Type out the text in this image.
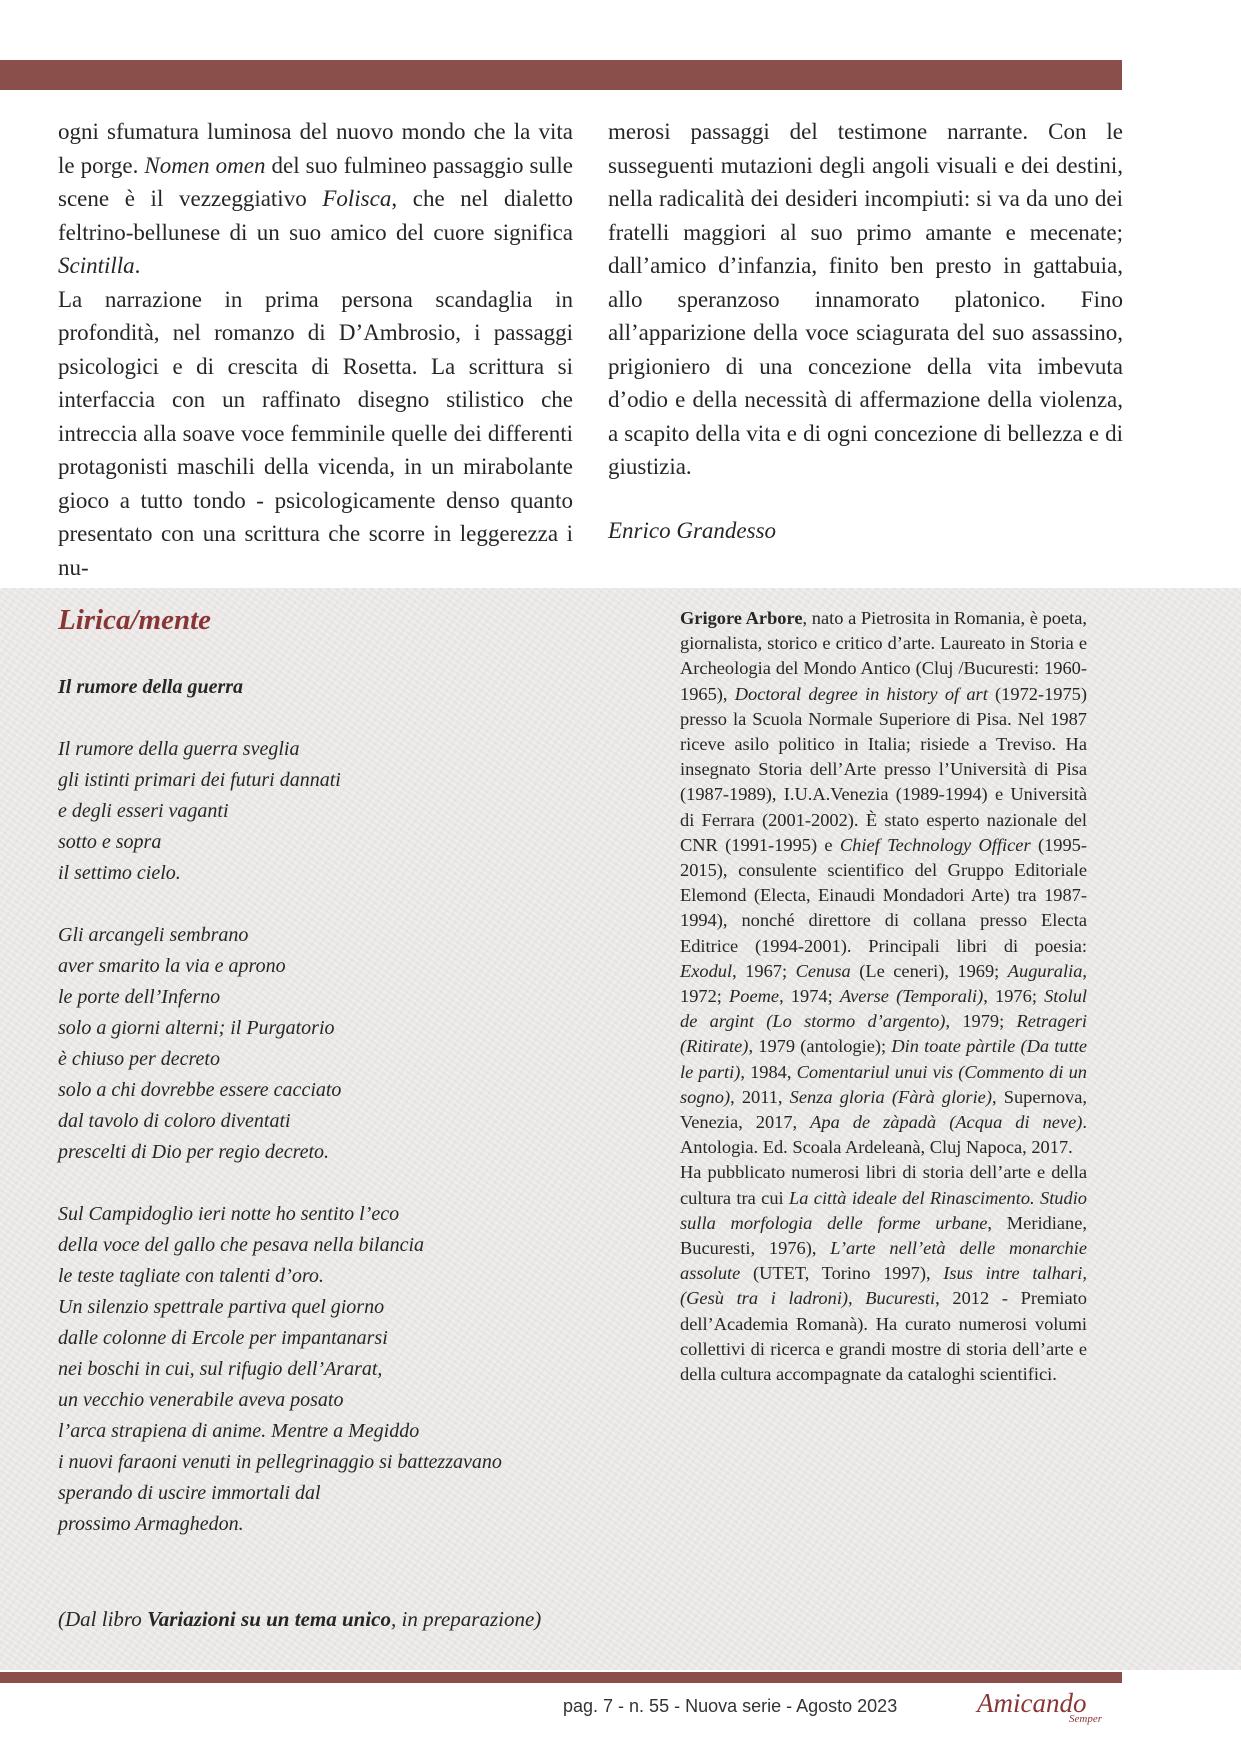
ogni sfumatura luminosa del nuovo mondo che la vita le porge. Nomen omen del suo fulmineo passaggio sulle scene è il vezzeggiativo Folisca, che nel dialetto feltrino-bellunese di un suo amico del cuore significa Scintilla.

La narrazione in prima persona scandaglia in profondità, nel romanzo di D’Ambrosio, i passaggi psicologici e di crescita di Rosetta. La scrittura si interfaccia con un raffinato disegno stilistico che intreccia alla soave voce femminile quelle dei differenti protagonisti maschili della vicenda, in un mirabolante gioco a tutto tondo - psicologicamente denso quanto presentato con una scrittura che scorre in leggerezza i nu-

merosi passaggi del testimone narrante. Con le susseguenti mutazioni degli angoli visuali e dei destini, nella radicalità dei desideri incompiuti: si va da uno dei fratelli maggiori al suo primo amante e mecenate; dall’amico d’infanzia, finito ben presto in gattabuia, allo speranzoso innamorato platonico. Fino all’apparizione della voce sciagurata del suo assassino, prigioniero di una concezione della vita imbevuta d’odio e della necessità di affermazione della violenza, a scapito della vita e di ogni concezione di bellezza e di giustizia.

Enrico Grandesso

Lirica/mente

Il rumore della guerra

Il rumore della guerra sveglia
gli istinti primari dei futuri dannati
e degli esseri vaganti
sotto e sopra
il settimo cielo.
Gli arcangeli sembrano
aver smarito la via e aprono
le porte dell’Inferno
solo a giorni alterni; il Purgatorio
è chiuso per decreto
solo a chi dovrebbe essere cacciato
dal tavolo di coloro diventati
prescelti di Dio per regio decreto.
Sul Campidoglio ieri notte ho sentito l’eco
della voce del gallo che pesava nella bilancia
le teste tagliate con talenti d’oro.
Un silenzio spettrale partiva quel giorno
dalle colonne di Ercole per impantanarsi
nei boschi in cui, sul rifugio dell’Ararat,
un vecchio venerabile aveva posato
l’arca strapiena di anime. Mentre a Megiddo
i nuovi faraoni venuti in pellegrinaggio si battezzavano
sperando di uscire immortali dal
prossimo Armaghedon.
(Dal libro Variazioni su un tema unico, in preparazione)

Grigore Arbore, nato a Pietrosita in Romania, è poeta, giornalista, storico e critico d’arte. Laureato in Storia e Archeologia del Mondo Antico (Cluj /Bucuresti: 1960-1965), Doctoral degree in history of art (1972-1975) presso la Scuola Normale Superiore di Pisa. Nel 1987 riceve asilo politico in Italia; risiede a Treviso. Ha insegnato Storia dell’Arte presso l’Università di Pisa (1987-1989), I.U.A.Venezia (1989-1994) e Università di Ferrara (2001-2002). È stato esperto nazionale del CNR (1991-1995) e Chief Technology Officer (1995-2015), consulente scientifico del Gruppo Editoriale Elemond (Electa, Einaudi Mondadori Arte) tra 1987-1994), nonché direttore di collana presso Electa Editrice (1994-2001). Principali libri di poesia: Exodul, 1967; Cenusa (Le ceneri), 1969; Auguralia, 1972; Poeme, 1974; Averse (Temporali), 1976; Stolul de argint (Lo stormo d’argento), 1979; Retrageri (Ritirate), 1979 (antologie); Din toate pàrtile (Da tutte le parti), 1984, Comentariul unui vis (Commento di un sogno), 2011, Senza gloria (Fàrà glorie), Supernova, Venezia, 2017, Apa de zàpadà (Acqua di neve). Antologia. Ed. Scoala Ardeleanà, Cluj Napoca, 2017.

Ha pubblicato numerosi libri di storia dell’arte e della cultura tra cui La città ideale del Rinascimento. Studio sulla morfologia delle forme urbane, Meridiane, Bucuresti, 1976), L’arte nell’età delle monarchie assolute (UTET, Torino 1997), Isus intre talhari, (Gesù tra i ladroni), Bucuresti, 2012 - Premiato dell’Academia Romanà). Ha curato numerosi volumi collettivi di ricerca e grandi mostre di storia dell’arte e della cultura accompagnate da cataloghi scientifici.

pag. 7 - n. 55 - Nuova serie - Agosto 2023	Amicando
Semper
